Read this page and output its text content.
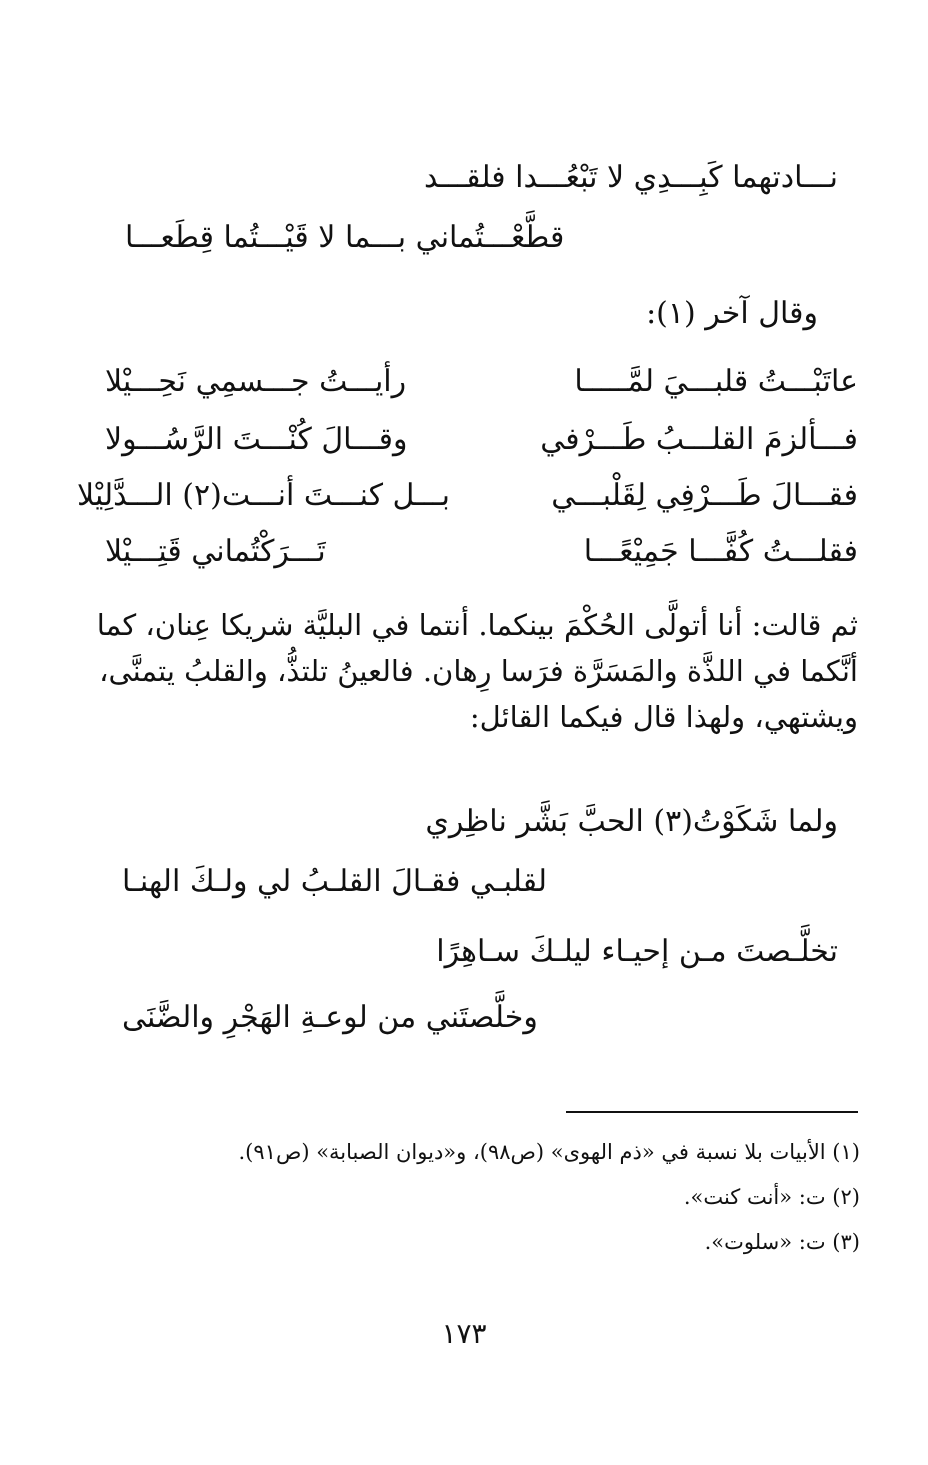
نـــادتهما كَبِـــدِي لا تَبْعُـــدا فلقـــد
قطَّعْـــتُماني بـــما لا قَيْـــتُما قِطَعـــا
وقال آخر (١):
عاتَبْـــتُ قلبـــيَ لمَّـــــا
رأيـــتُ جـــسمِي نَحِـــيْلا
فـــألزمَ القلـــبُ طَـــرْفي
وقـــالَ كُنْـــتَ الرَّسُـــولا
فقـــالَ طَـــرْفِي لِقَلْبـــي
بـــل كنـــتَ أنـــت(٢) الـــدَّلِيْلا
فقلـــتُ كُفَّـــا جَمِيْعًـــا
تَـــرَكْتُماني قَتِـــيْلا
ثم قالت: أنا أتولَّى الحُكْمَ بينكما. أنتما في البليَّة شريكا عِنان، كما
أنَّكما في اللذَّة والمَسَرَّة فرَسا رِهان. فالعينُ تلتذُّ، والقلبُ يتمنَّى،
ويشتهي، ولهذا قال فيكما القائل:
ولما شَكَوْتُ(٣) الحبَّ بَشَّر ناظِري
لقلبـي فقـالَ القلـبُ لي ولـكَ الهنـا
تخلَّـصتَ مـن إحيـاء ليلـكَ سـاهِرًا
وخلَّصتَني من لوعـةِ الهَجْرِ والضَّنَى
(١) الأبيات بلا نسبة في «ذم الهوى» (ص٩٨)، و«ديوان الصبابة» (ص٩١).
(٢) ت: «أنت كنت».
(٣) ت: «سلوت».
١٧٣
